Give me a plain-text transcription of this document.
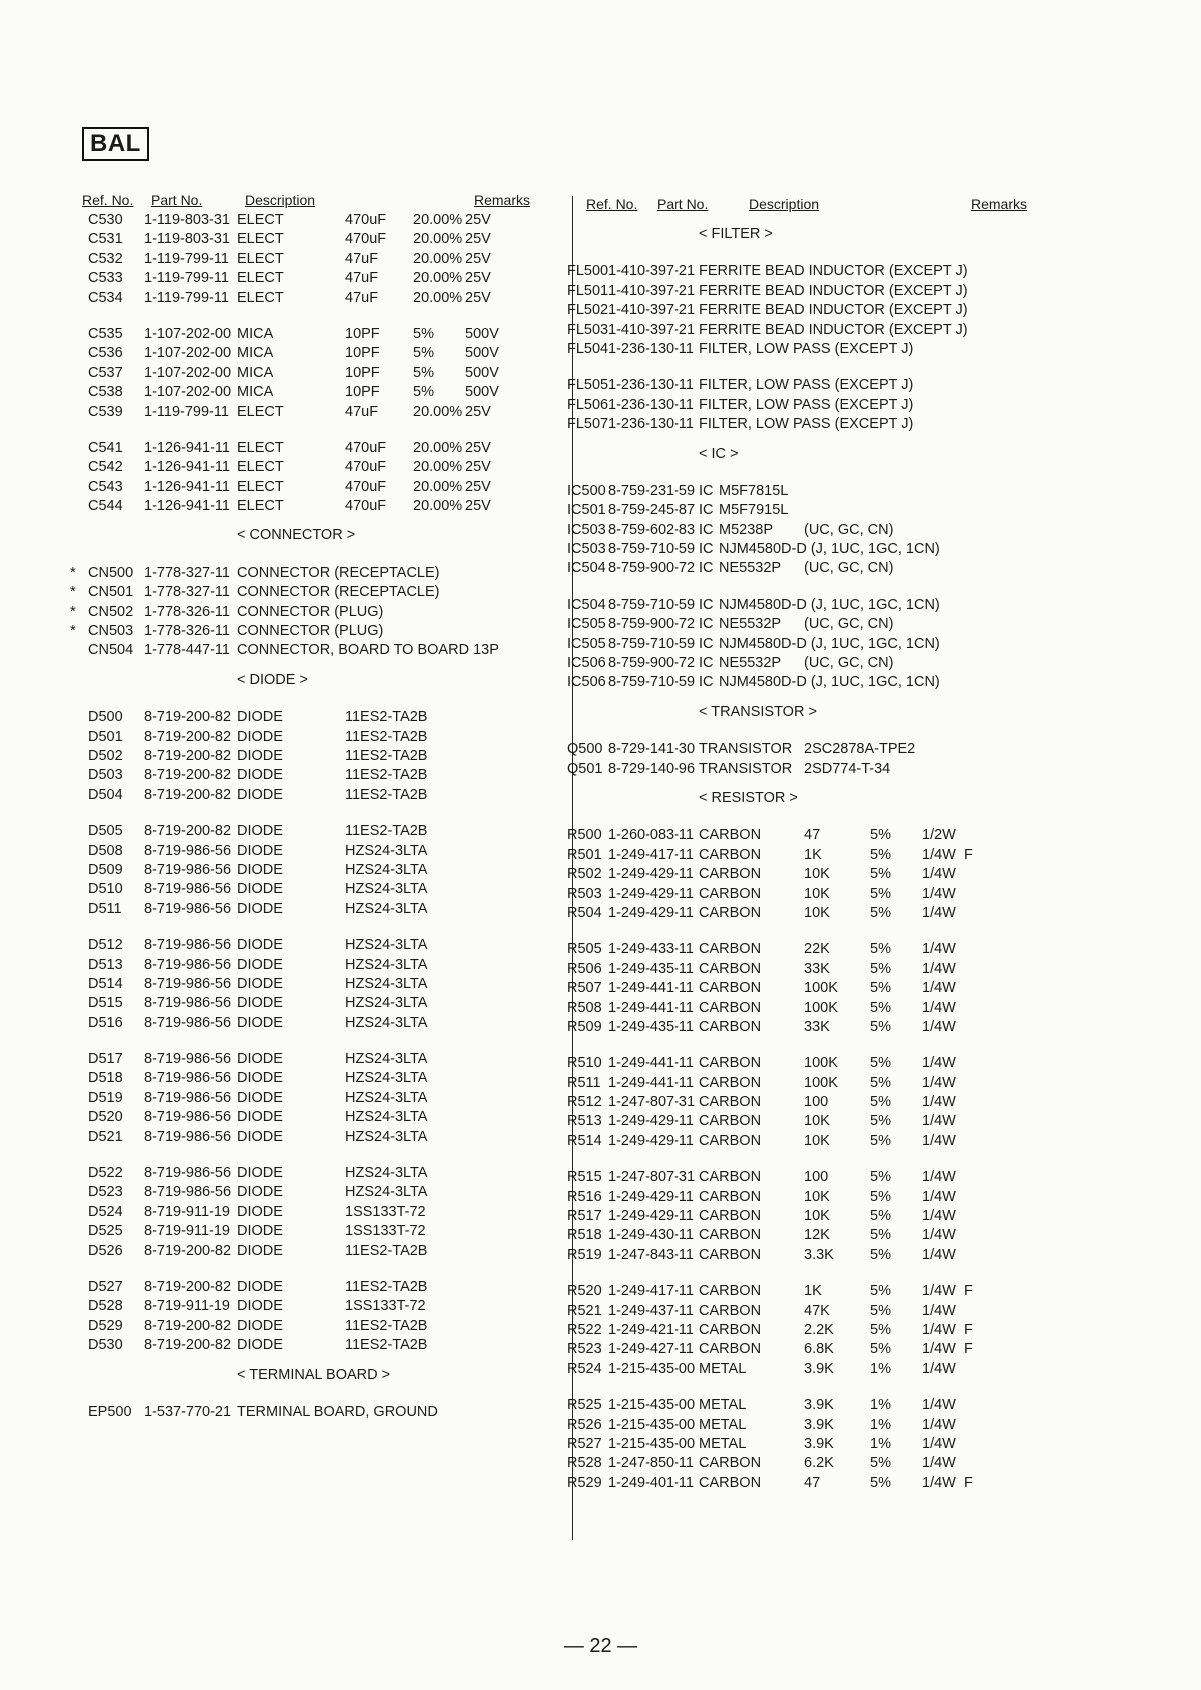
BAL
Ref. No. Part No.	Description	Remarks
C530 1-119-803-31 ELECT	470uF 20.00% 25V
C531 1-119-803-31 ELECT	470uF 20.00% 25V
C532 1-119-799-11 ELECT	47uF 20.00% 25V
C533 1-119-799-11 ELECT	47uF 20.00% 25V
C534 1-119-799-11 ELECT	47uF 20.00% 25V
C535 1-107-202-00 MICA	10PF 5% 500V
C536 1-107-202-00 MICA	10PF 5% 500V
C537 1-107-202-00 MICA	10PF 5% 500V
C538 1-107-202-00 MICA	10PF 5% 500V
C539 1-119-799-11 ELECT	47uF 20.00% 25V
C541 1-126-941-11 ELECT	470uF 20.00% 25V
C542 1-126-941-11 ELECT	470uF 20.00% 25V
C543 1-126-941-11 ELECT	470uF 20.00% 25V
C544 1-126-941-11 ELECT	470uF 20.00% 25V
< CONNECTOR >
* CN500 1-778-327-11 CONNECTOR (RECEPTACLE)
* CN501 1-778-327-11 CONNECTOR (RECEPTACLE)
* CN502 1-778-326-11 CONNECTOR (PLUG)
* CN503 1-778-326-11 CONNECTOR (PLUG)
CN504 1-778-447-11 CONNECTOR, BOARD TO BOARD 13P
< DIODE >
D500 8-719-200-82 DIODE	11ES2-TA2B
D501 8-719-200-82 DIODE	11ES2-TA2B
D502 8-719-200-82 DIODE	11ES2-TA2B
D503 8-719-200-82 DIODE	11ES2-TA2B
D504 8-719-200-82 DIODE	11ES2-TA2B
D505 8-719-200-82 DIODE	11ES2-TA2B
D508 8-719-986-56 DIODE	HZS24-3LTA
D509 8-719-986-56 DIODE	HZS24-3LTA
D510 8-719-986-56 DIODE	HZS24-3LTA
D511 8-719-986-56 DIODE	HZS24-3LTA
D512 8-719-986-56 DIODE	HZS24-3LTA
D513 8-719-986-56 DIODE	HZS24-3LTA
D514 8-719-986-56 DIODE	HZS24-3LTA
D515 8-719-986-56 DIODE	HZS24-3LTA
D516 8-719-986-56 DIODE	HZS24-3LTA
D517 8-719-986-56 DIODE	HZS24-3LTA
D518 8-719-986-56 DIODE	HZS24-3LTA
D519 8-719-986-56 DIODE	HZS24-3LTA
D520 8-719-986-56 DIODE	HZS24-3LTA
D521 8-719-986-56 DIODE	HZS24-3LTA
D522 8-719-986-56 DIODE	HZS24-3LTA
D523 8-719-986-56 DIODE	HZS24-3LTA
D524 8-719-911-19 DIODE	1SS133T-72
D525 8-719-911-19 DIODE	1SS133T-72
D526 8-719-200-82 DIODE	11ES2-TA2B
D527 8-719-200-82 DIODE	11ES2-TA2B
D528 8-719-911-19 DIODE	1SS133T-72
D529 8-719-200-82 DIODE	11ES2-TA2B
D530 8-719-200-82 DIODE	11ES2-TA2B
< TERMINAL BOARD >
EP500 1-537-770-21 TERMINAL BOARD, GROUND
Ref. No. Part No.	Description	Remarks
< FILTER >
FL500 1-410-397-21 FERRITE BEAD INDUCTOR (EXCEPT J)
FL501 1-410-397-21 FERRITE BEAD INDUCTOR (EXCEPT J)
FL502 1-410-397-21 FERRITE BEAD INDUCTOR (EXCEPT J)
FL503 1-410-397-21 FERRITE BEAD INDUCTOR (EXCEPT J)
FL504 1-236-130-11 FILTER, LOW PASS (EXCEPT J)
FL505 1-236-130-11 FILTER, LOW PASS (EXCEPT J)
FL506 1-236-130-11 FILTER, LOW PASS (EXCEPT J)
FL507 1-236-130-11 FILTER, LOW PASS (EXCEPT J)
< IC >
IC500 8-759-231-59 IC M5F7815L
IC501 8-759-245-87 IC M5F7915L
IC503 8-759-602-83 IC M5238P (UC, GC, CN)
IC503 8-759-710-59 IC NJM4580D-D (J, 1UC, 1GC, 1CN)
IC504 8-759-900-72 IC NE5532P (UC, GC, CN)
IC504 8-759-710-59 IC NJM4580D-D (J, 1UC, 1GC, 1CN)
IC505 8-759-900-72 IC NE5532P (UC, GC, CN)
IC505 8-759-710-59 IC NJM4580D-D (J, 1UC, 1GC, 1CN)
IC506 8-759-900-72 IC NE5532P (UC, GC, CN)
IC506 8-759-710-59 IC NJM4580D-D (J, 1UC, 1GC, 1CN)
< TRANSISTOR >
Q500 8-729-141-30 TRANSISTOR 2SC2878A-TPE2
Q501 8-729-140-96 TRANSISTOR 2SD774-T-34
< RESISTOR >
R500 1-260-083-11 CARBON	47	5% 1/2W
R501 1-249-417-11 CARBON	1K	5% 1/4W F
R502 1-249-429-11 CARBON	10K	5% 1/4W
R503 1-249-429-11 CARBON	10K	5% 1/4W
R504 1-249-429-11 CARBON	10K	5% 1/4W
R505 1-249-433-11 CARBON	22K	5% 1/4W
R506 1-249-435-11 CARBON	33K	5% 1/4W
R507 1-249-441-11 CARBON	100K 5% 1/4W
R508 1-249-441-11 CARBON	100K 5% 1/4W
R509 1-249-435-11 CARBON	33K	5% 1/4W
R510 1-249-441-11 CARBON	100K 5% 1/4W
R511 1-249-441-11 CARBON	100K 5% 1/4W
R512 1-247-807-31 CARBON	100	5% 1/4W
R513 1-249-429-11 CARBON	10K	5% 1/4W
R514 1-249-429-11 CARBON	10K	5% 1/4W
R515 1-247-807-31 CARBON	100	5% 1/4W
R516 1-249-429-11 CARBON	10K	5% 1/4W
R517 1-249-429-11 CARBON	10K	5% 1/4W
R518 1-249-430-11 CARBON	12K	5% 1/4W
R519 1-247-843-11 CARBON	3.3K 5% 1/4W
R520 1-249-417-11 CARBON	1K	5% 1/4W F
R521 1-249-437-11 CARBON	47K	5% 1/4W
R522 1-249-421-11 CARBON	2.2K 5% 1/4W F
R523 1-249-427-11 CARBON	6.8K 5% 1/4W F
R524 1-215-435-00 METAL	3.9K 1% 1/4W
R525 1-215-435-00 METAL	3.9K 1% 1/4W
R526 1-215-435-00 METAL	3.9K 1% 1/4W
R527 1-215-435-00 METAL	3.9K 1% 1/4W
R528 1-247-850-11 CARBON	6.2K 5% 1/4W
R529 1-249-401-11 CARBON	47	5% 1/4W F
— 22 —
